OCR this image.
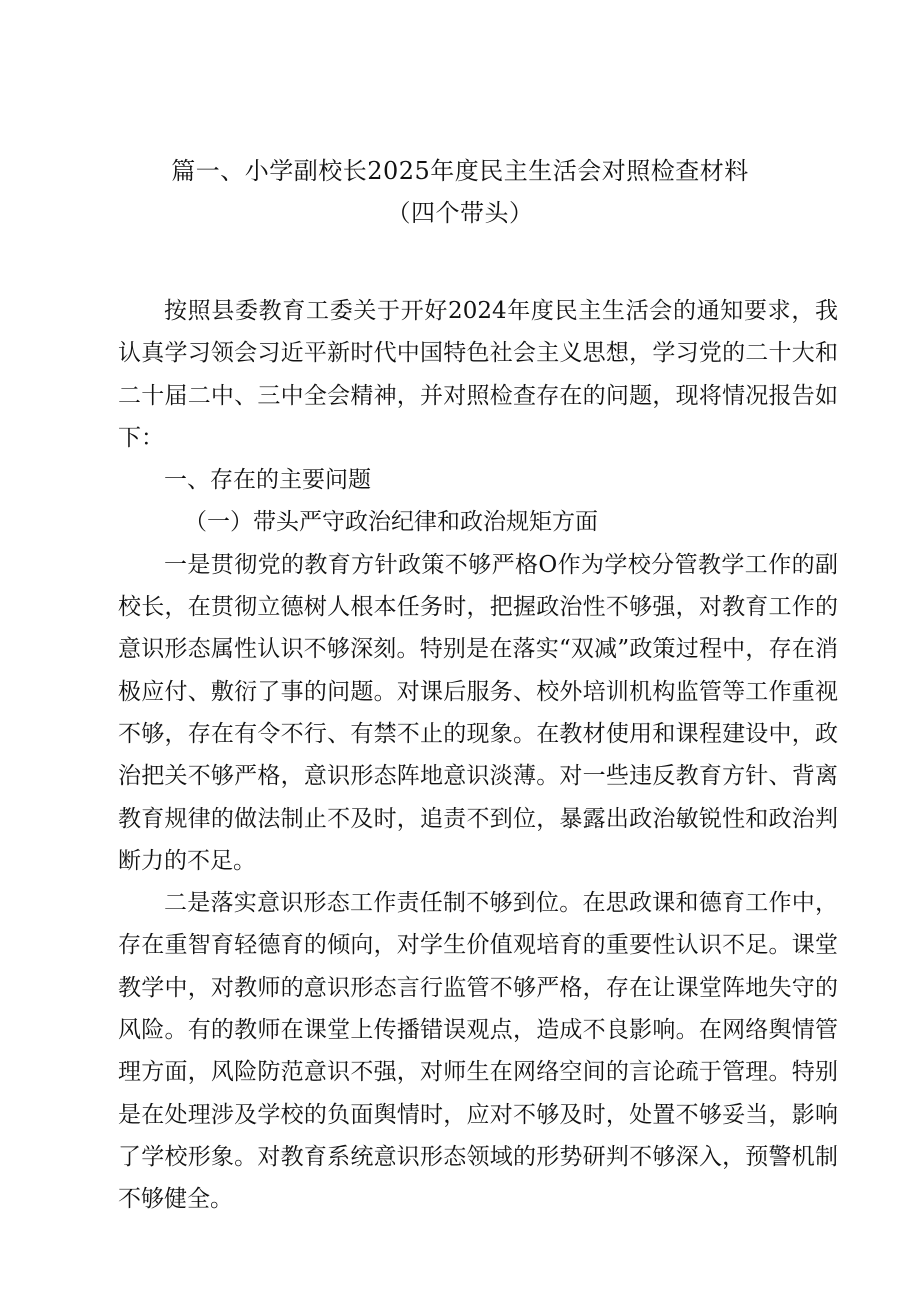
篇一、小学副校长2025年度民主生活会对照检查材料（四个带头）

按照县委教育工委关于开好2024年度民主生活会的通知要求，我认真学习领会习近平新时代中国特色社会主义思想，学习党的二十大和二十届二中、三中全会精神，并对照检查存在的问题，现将情况报告如下：

一、存在的主要问题

（一）带头严守政治纪律和政治规矩方面

一是贯彻党的教育方针政策不够严格O作为学校分管教学工作的副校长，在贯彻立德树人根本任务时，把握政治性不够强，对教育工作的意识形态属性认识不够深刻。特别是在落实“双减”政策过程中，存在消极应付、敷衍了事的问题。对课后服务、校外培训机构监管等工作重视不够，存在有令不行、有禁不止的现象。在教材使用和课程建设中，政治把关不够严格，意识形态阵地意识淡薄。对一些违反教育方针、背离教育规律的做法制止不及时，追责不到位，暴露出政治敏锐性和政治判断力的不足。

二是落实意识形态工作责任制不够到位。在思政课和德育工作中，存在重智育轻德育的倾向，对学生价值观培育的重要性认识不足。课堂教学中，对教师的意识形态言行监管不够严格，存在让课堂阵地失守的风险。有的教师在课堂上传播错误观点，造成不良影响。在网络舆情管理方面，风险防范意识不强，对师生在网络空间的言论疏于管理。特别是在处理涉及学校的负面舆情时，应对不够及时，处置不够妥当，影响了学校形象。对教育系统意识形态领域的形势研判不够深入，预警机制不够健全。
